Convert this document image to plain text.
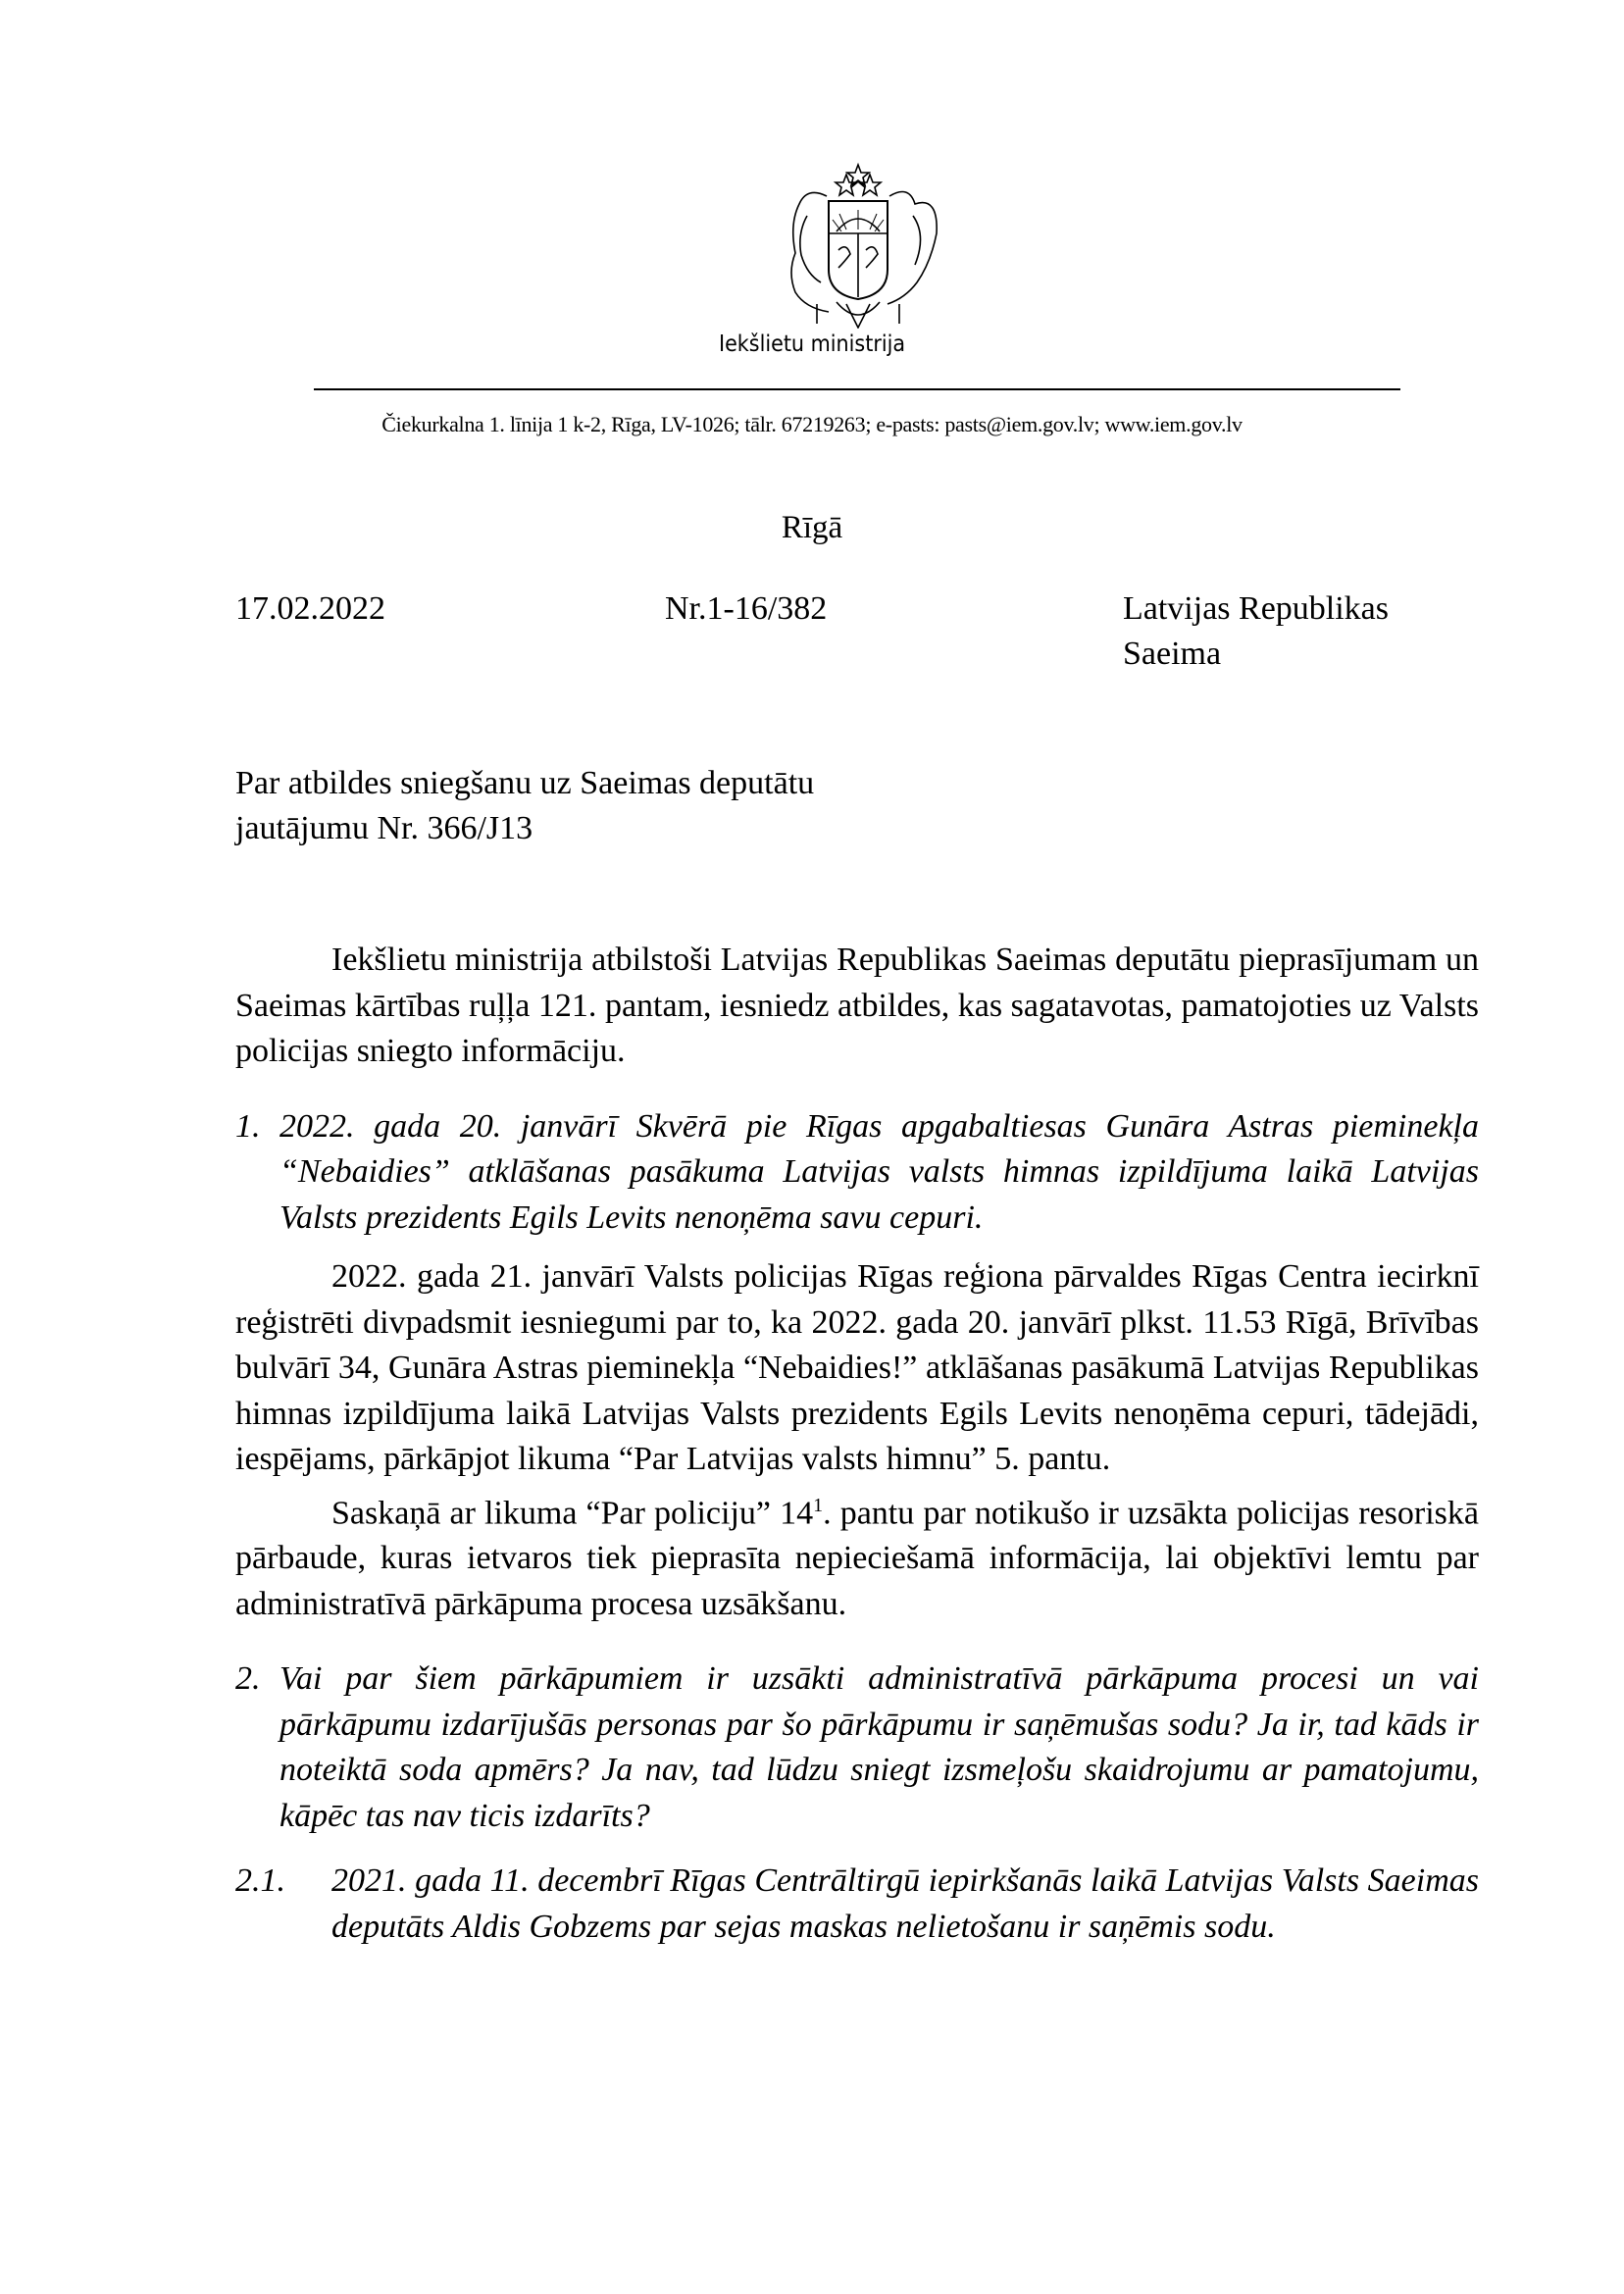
Iekšlietu ministrija
Čiekurkalna 1. līnija 1 k-2, Rīga, LV-1026; tālr. 67219263; e-pasts: pasts@iem.gov.lv; www.iem.gov.lv
Rīgā
17.02.2022	Nr.1-16/382	Latvijas Republikas
Saeima
Par atbildes sniegšanu uz Saeimas deputātu
jautājumu Nr. 366/J13

Iekšlietu ministrija atbilstoši Latvijas Republikas Saeimas deputātu pieprasījumam un Saeimas kārtības ruļļa 121. pantam, iesniedz atbildes, kas sagatavotas, pamatojoties uz Valsts policijas sniegto informāciju.

1. 2022. gada 20. janvārī Skvērā pie Rīgas apgabaltiesas Gunāra Astras pieminekļa “Nebaidies” atklāšanas pasākuma Latvijas valsts himnas izpildījuma laikā Latvijas Valsts prezidents Egils Levits nenoņēma savu cepuri.

2022. gada 21. janvārī Valsts policijas Rīgas reģiona pārvaldes Rīgas Centra iecirknī reģistrēti divpadsmit iesniegumi par to, ka 2022. gada 20. janvārī plkst. 11.53 Rīgā, Brīvības bulvārī 34, Gunāra Astras pieminekļa “Nebaidies!” atklāšanas pasākumā Latvijas Republikas himnas izpildījuma laikā Latvijas Valsts prezidents Egils Levits nenoņēma cepuri, tādejādi, iespējams, pārkāpjot likuma “Par Latvijas valsts himnu” 5. pantu.

Saskaņā ar likuma “Par policiju” $14^1$. pantu par notikušo ir uzsākta policijas resoriskā pārbaude, kuras ietvaros tiek pieprasīta nepieciešamā informācija, lai objektīvi lemtu par administratīvā pārkāpuma procesa uzsākšanu.

2. Vai par šiem pārkāpumiem ir uzsākti administratīvā pārkāpuma procesi un vai pārkāpumu izdarījušās personas par šo pārkāpumu ir saņēmušas sodu? Ja ir, tad kāds ir noteiktā soda apmērs? Ja nav, tad lūdzu sniegt izsmeļošu skaidrojumu ar pamatojumu, kāpēc tas nav ticis izdarīts?
2.1.	2021. gada 11. decembrī Rīgas Centrāltirgū iepirkšanās laikā Latvijas Valsts Saeimas deputāts Aldis Gobzems par sejas maskas nelietošanu ir saņēmis sodu.
